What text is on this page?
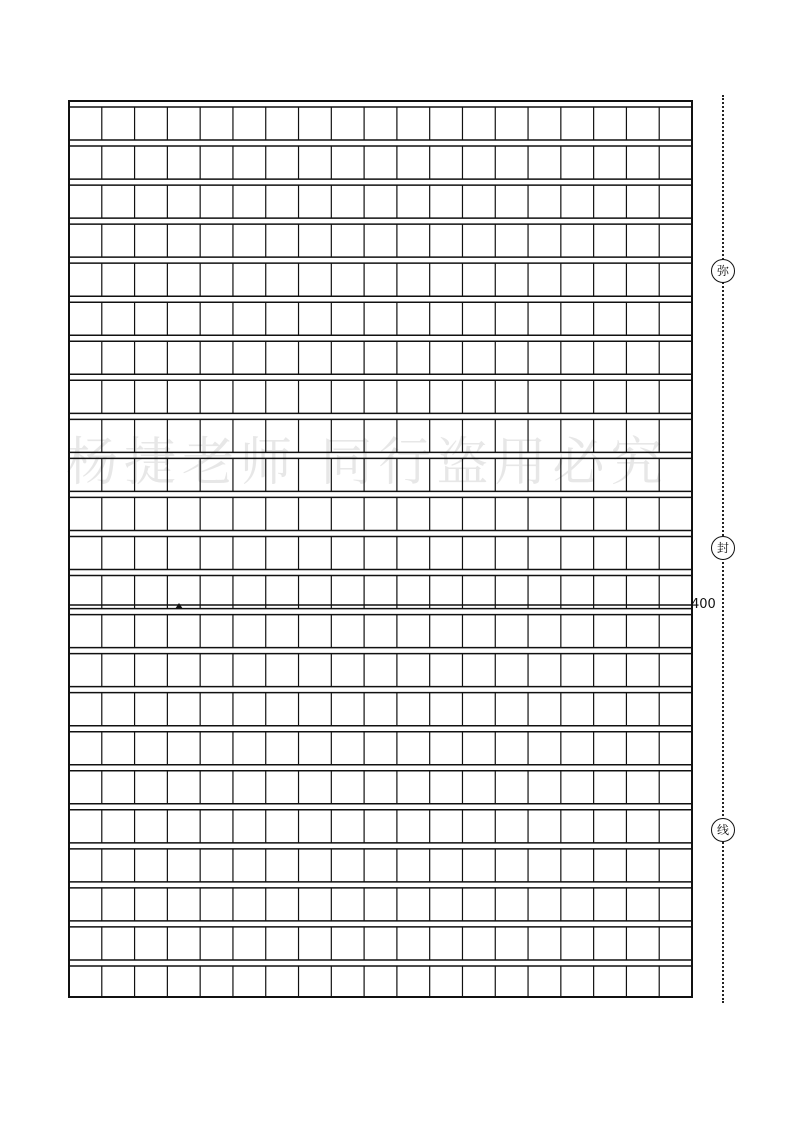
杨捷老师 同行盗用必究
400
弥
封
线
